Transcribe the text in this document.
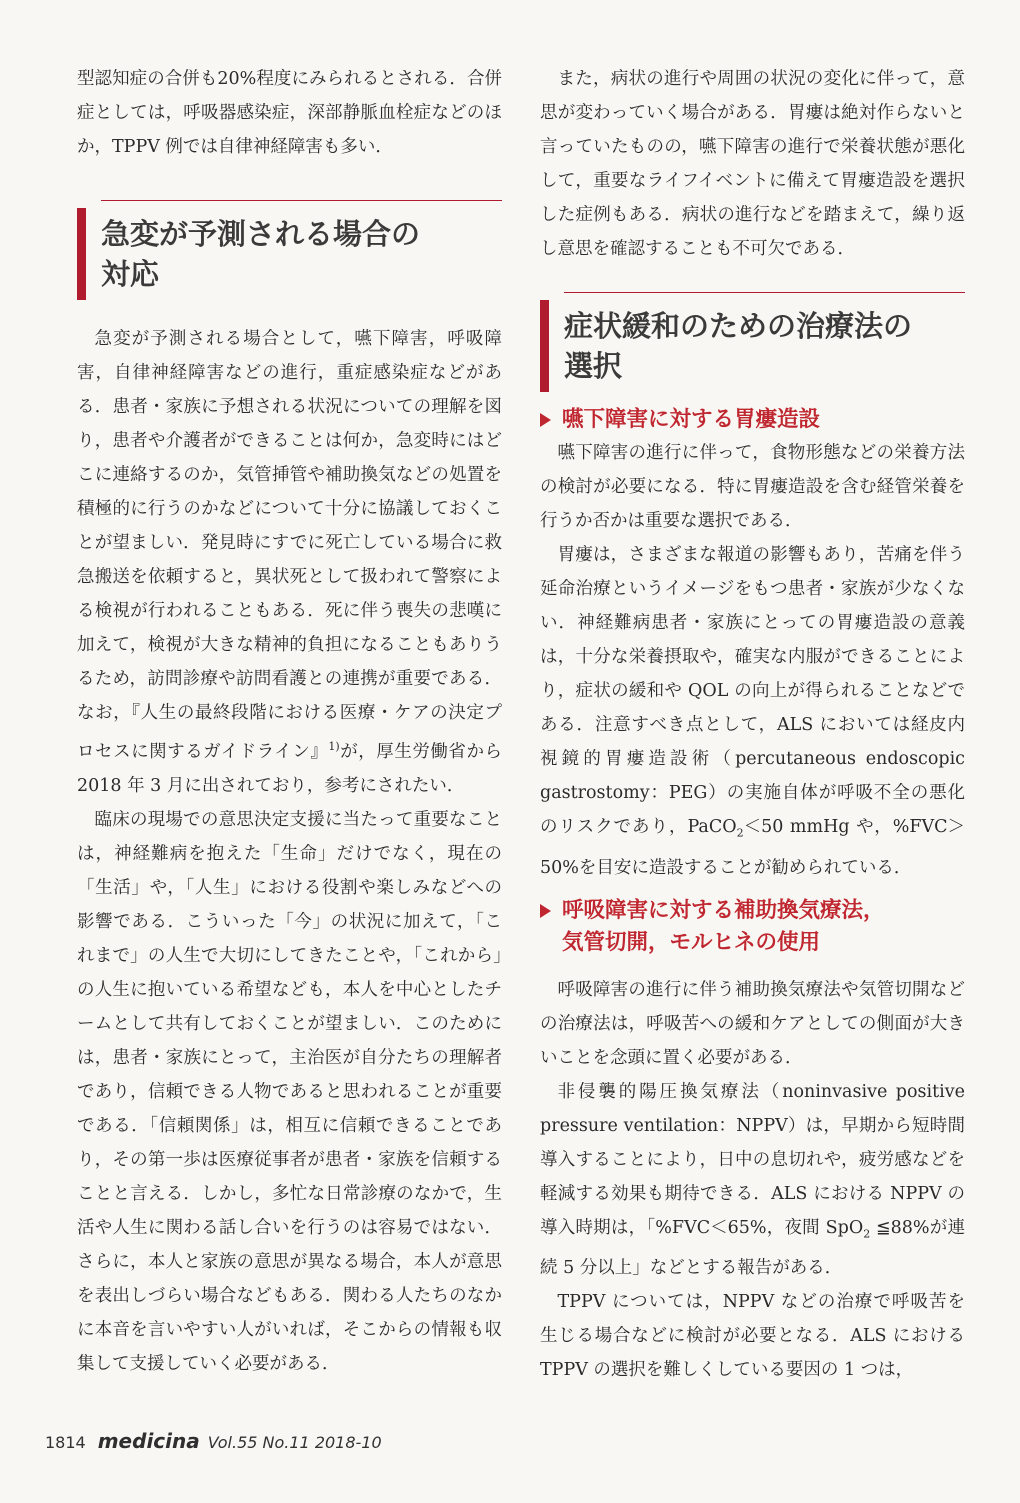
型認知症の合併も20%程度にみられるとされる．合併症としては，呼吸器感染症，深部静脈血栓症などのほか，TPPV 例では自律神経障害も多い．

急変が予測される場合の
対応

急変が予測される場合として，嚥下障害，呼吸障害，自律神経障害などの進行，重症感染症などがある．患者・家族に予想される状況についての理解を図り，患者や介護者ができることは何か，急変時にはどこに連絡するのか，気管挿管や補助換気などの処置を積極的に行うのかなどについて十分に協議しておくことが望ましい．発見時にすでに死亡している場合に救急搬送を依頼すると，異状死として扱われて警察による検視が行われることもある．死に伴う喪失の悲嘆に加えて，検視が大きな精神的負担になることもありうるため，訪問診療や訪問看護との連携が重要である．なお，『人生の最終段階における医療・ケアの決定プロセスに関するガイドライン』$^{1)}$が，厚生労働省から2018 年 3 月に出されており，参考にされたい．

臨床の現場での意思決定支援に当たって重要なことは，神経難病を抱えた「生命」だけでなく，現在の「生活」や，「人生」における役割や楽しみなどへの影響である．こういった「今」の状況に加えて，「これまで」の人生で大切にしてきたことや，「これから」の人生に抱いている希望なども，本人を中心としたチームとして共有しておくことが望ましい．このためには，患者・家族にとって，主治医が自分たちの理解者であり，信頼できる人物であると思われることが重要である．「信頼関係」は，相互に信頼できることであり，その第一歩は医療従事者が患者・家族を信頼することと言える．しかし，多忙な日常診療のなかで，生活や人生に関わる話し合いを行うのは容易ではない．さらに，本人と家族の意思が異なる場合，本人が意思を表出しづらい場合などもある．関わる人たちのなかに本音を言いやすい人がいれば，そこからの情報も収集して支援していく必要がある．

また，病状の進行や周囲の状況の変化に伴って，意思が変わっていく場合がある．胃瘻は絶対作らないと言っていたものの，嚥下障害の進行で栄養状態が悪化して，重要なライフイベントに備えて胃瘻造設を選択した症例もある．病状の進行などを踏まえて，繰り返し意思を確認することも不可欠である．

症状緩和のための治療法の
選択
嚥下障害に対する胃瘻造設

嚥下障害の進行に伴って，食物形態などの栄養方法の検討が必要になる．特に胃瘻造設を含む経管栄養を行うか否かは重要な選択である．

胃瘻は，さまざまな報道の影響もあり，苦痛を伴う延命治療というイメージをもつ患者・家族が少なくない．神経難病患者・家族にとっての胃瘻造設の意義は，十分な栄養摂取や，確実な内服ができることにより，症状の緩和や QOL の向上が得られることなどである．注意すべき点として，ALS においては経皮内視鏡的胃瘻造設術（percutaneous endoscopic gastrostomy：PEG）の実施自体が呼吸不全の悪化のリスクであり，PaCO$_2$＜50 mmHg や，%FVC＞50%を目安に造設することが勧められている．

呼吸障害に対する補助換気療法，
気管切開，モルヒネの使用

呼吸障害の進行に伴う補助換気療法や気管切開などの治療法は，呼吸苦への緩和ケアとしての側面が大きいことを念頭に置く必要がある．

非侵襲的陽圧換気療法（noninvasive positive pressure ventilation：NPPV）は，早期から短時間導入することにより，日中の息切れや，疲労感などを軽減する効果も期待できる．ALS における NPPV の導入時期は，「%FVC＜65%，夜間 SpO$_2$ ≦88%が連続 5 分以上」などとする報告がある．

TPPV については，NPPV などの治療で呼吸苦を生じる場合などに検討が必要となる．ALS における TPPV の選択を難しくしている要因の 1 つは，

1814 medicina Vol.55 No.11 2018-10
